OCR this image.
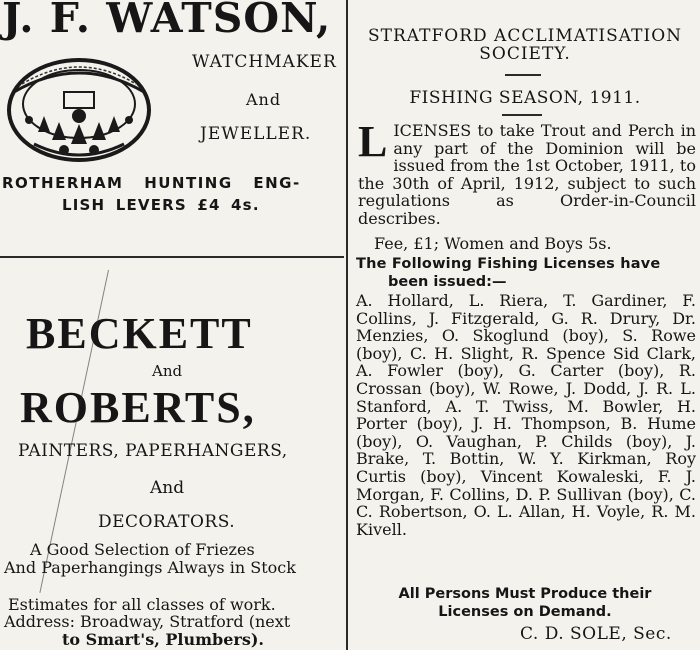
J. F. WATSON,
WATCHMAKER
And
JEWELLER.
ROTHERHAM HUNTING ENG-
LISH LEVERS £4 4s.
BECKETT
And
ROBERTS,
PAINTERS, PAPERHANGERS,
And
DECORATORS.
A Good Selection of Friezes
And Paperhangings Always in Stock
Estimates for all classes of work.
Address: Broadway, Stratford (next
to Smart's, Plumbers).
STRATFORD ACCLIMATISATION
SOCIETY.
FISHING SEASON, 1911.
LICENSES to take Trout and Perch in any part of the Dominion will be issued from the 1st October, 1911, to the 30th of April, 1912, subject to such regulations as Order-in-Council describes.
Fee, £1; Women and Boys 5s.
The Following Fishing Licenses have
been issued:—
A. Hollard, L. Riera, T. Gardiner, F. Collins, J. Fitzgerald, G. R. Drury, Dr. Menzies, O. Skoglund (boy), S. Rowe (boy), C. H. Slight, R. Spence Sid Clark, A. Fowler (boy), G. Carter (boy), R. Crossan (boy), W. Rowe, J. Dodd, J. R. L. Stanford, A. T. Twiss, M. Bowler, H. Porter (boy), J. H. Thompson, B. Hume (boy), O. Vaughan, P. Childs (boy), J. Brake, T. Bottin, W. Y. Kirkman, Roy Curtis (boy), Vincent Kowaleski, F. J. Morgan, F. Collins, D. P. Sullivan (boy), C. C. Robertson, O. L. Allan, H. Voyle, R. M. Kivell.
All Persons Must Produce their
Licenses on Demand.
C. D. SOLE, Sec.
